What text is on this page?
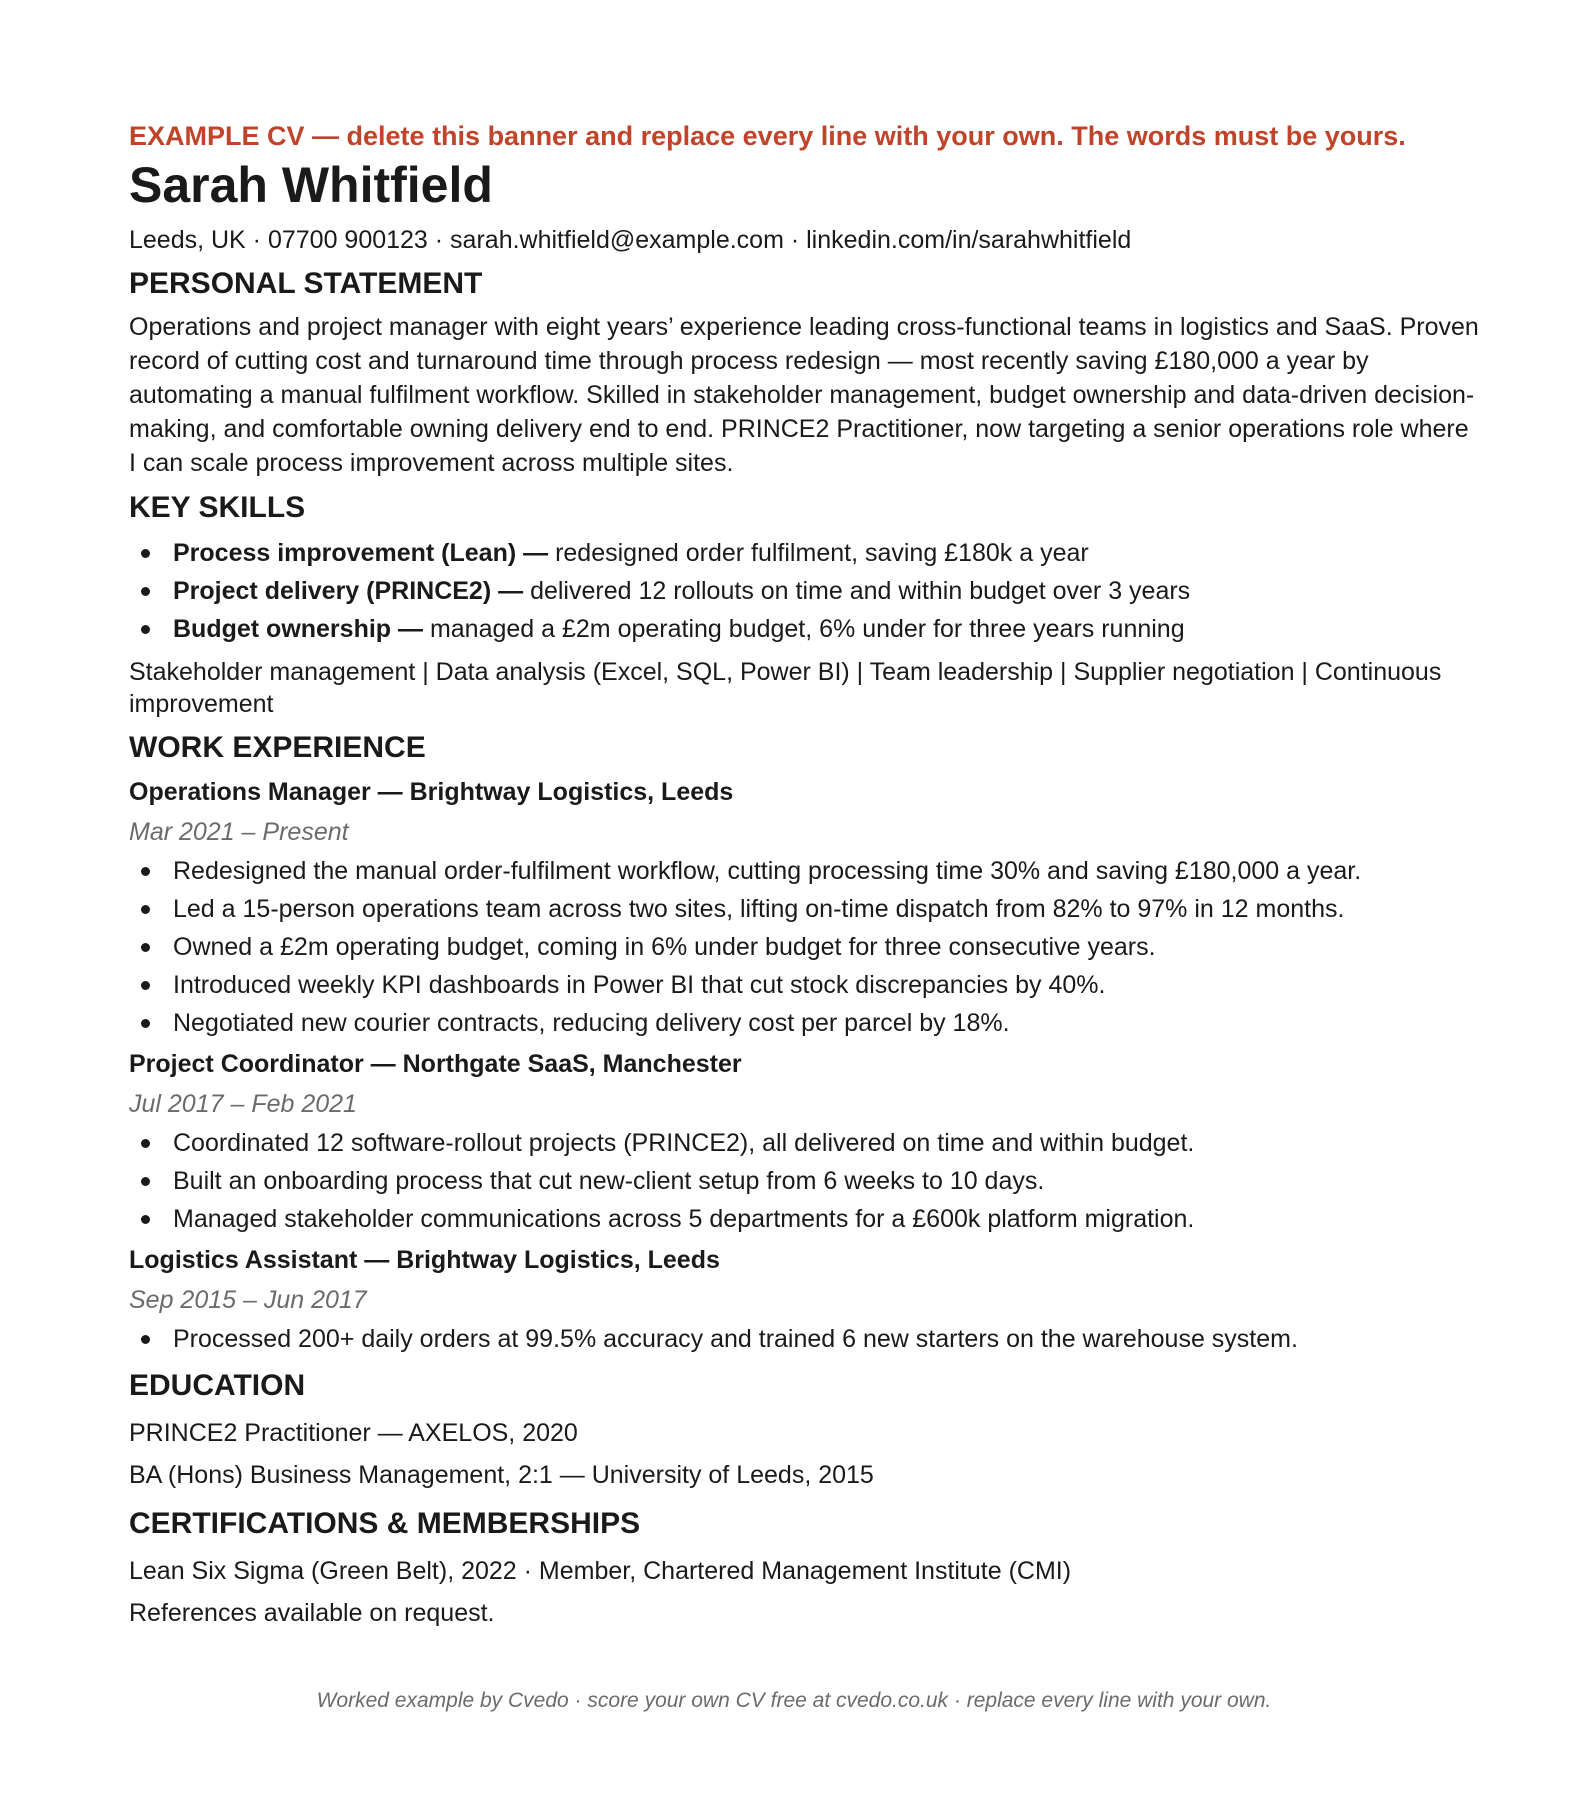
EXAMPLE CV — delete this banner and replace every line with your own. The words must be yours.

Sarah Whitfield

Leeds, UK · 07700 900123 · sarah.whitfield@example.com · linkedin.com/in/sarahwhitfield

PERSONAL STATEMENT

Operations and project manager with eight years’ experience leading cross-functional teams in logistics and SaaS. Proven record of cutting cost and turnaround time through process redesign — most recently saving £180,000 a year by automating a manual fulfilment workflow. Skilled in stakeholder management, budget ownership and data-driven decision-making, and comfortable owning delivery end to end. PRINCE2 Practitioner, now targeting a senior operations role where I can scale process improvement across multiple sites.

KEY SKILLS
Process improvement (Lean) — redesigned order fulfilment, saving £180k a year
Project delivery (PRINCE2) — delivered 12 rollouts on time and within budget over 3 years
Budget ownership — managed a £2m operating budget, 6% under for three years running

Stakeholder management | Data analysis (Excel, SQL, Power BI) | Team leadership | Supplier negotiation | Continuous improvement

WORK EXPERIENCE

Operations Manager — Brightway Logistics, Leeds

Mar 2021 – Present

Redesigned the manual order-fulfilment workflow, cutting processing time 30% and saving £180,000 a year.
Led a 15-person operations team across two sites, lifting on-time dispatch from 82% to 97% in 12 months.
Owned a £2m operating budget, coming in 6% under budget for three consecutive years.
Introduced weekly KPI dashboards in Power BI that cut stock discrepancies by 40%.
Negotiated new courier contracts, reducing delivery cost per parcel by 18%.

Project Coordinator — Northgate SaaS, Manchester

Jul 2017 – Feb 2021

Coordinated 12 software-rollout projects (PRINCE2), all delivered on time and within budget.
Built an onboarding process that cut new-client setup from 6 weeks to 10 days.
Managed stakeholder communications across 5 departments for a £600k platform migration.

Logistics Assistant — Brightway Logistics, Leeds

Sep 2015 – Jun 2017

Processed 200+ daily orders at 99.5% accuracy and trained 6 new starters on the warehouse system.
EDUCATION

PRINCE2 Practitioner — AXELOS, 2020

BA (Hons) Business Management, 2:1 — University of Leeds, 2015

CERTIFICATIONS & MEMBERSHIPS

Lean Six Sigma (Green Belt), 2022 · Member, Chartered Management Institute (CMI)

References available on request.

Worked example by Cvedo · score your own CV free at cvedo.co.uk · replace every line with your own.
